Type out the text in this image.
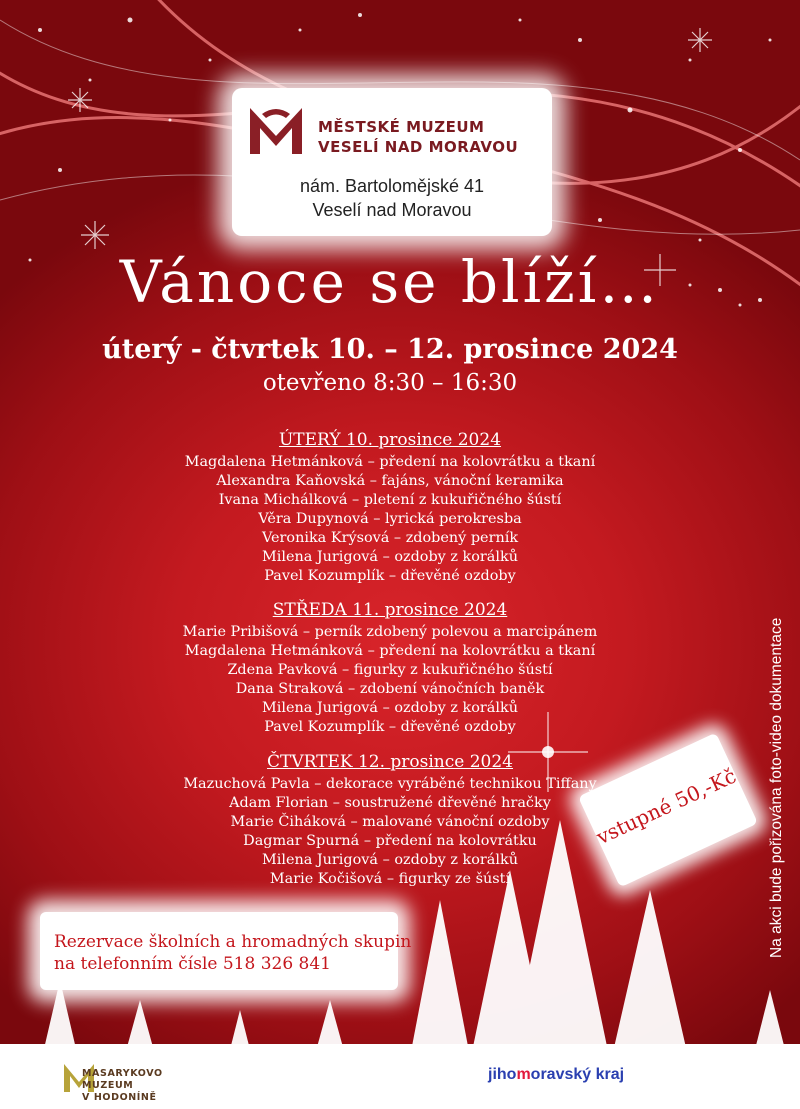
MĚSTSKÉ MUZEUM
VESELÍ NAD MORAVOU
nám. Bartolomějské 41
Veselí nad Moravou
Vánoce se blíží…
úterý - čtvrtek 10. – 12. prosince 2024
otevřeno 8:30 – 16:30
ÚTERÝ 10. prosince 2024
Magdalena Hetmánková – předení na kolovrátku a tkaní
Alexandra Kaňovská – fajáns, vánoční keramika
Ivana Michálková – pletení z kukuřičného šústí
Věra Dupynová – lyrická perokresba
Veronika Krýsová – zdobený perník
Milena Jurigová – ozdoby z korálků
Pavel Kozumplík – dřevěné ozdoby
STŘEDA 11. prosince 2024
Marie Pribišová – perník zdobený polevou a marcipánem
Magdalena Hetmánková – předení na kolovrátku a tkaní
Zdena Pavková – figurky z kukuřičného šústí
Dana Straková – zdobení vánočních baněk
Milena Jurigová – ozdoby z korálků
Pavel Kozumplík – dřevěné ozdoby
ČTVRTEK 12. prosince 2024
Mazuchová Pavla – dekorace vyráběné technikou Tiffany
Adam Florian – soustružené dřevěné hračky
Marie Čiháková – malované vánoční ozdoby
Dagmar Spurná – předení na kolovrátku
Milena Jurigová – ozdoby z korálků
Marie Kočišová – figurky ze šústí
Rezervace školních a hromadných skupin
na telefonním čísle 518 326 841
vstupné 50,-Kč Na akci bude pořizována foto-video dokumentace
MASARYKOVO
MUZEUM
V HODONÍNĚ
jihomoravský kraj
